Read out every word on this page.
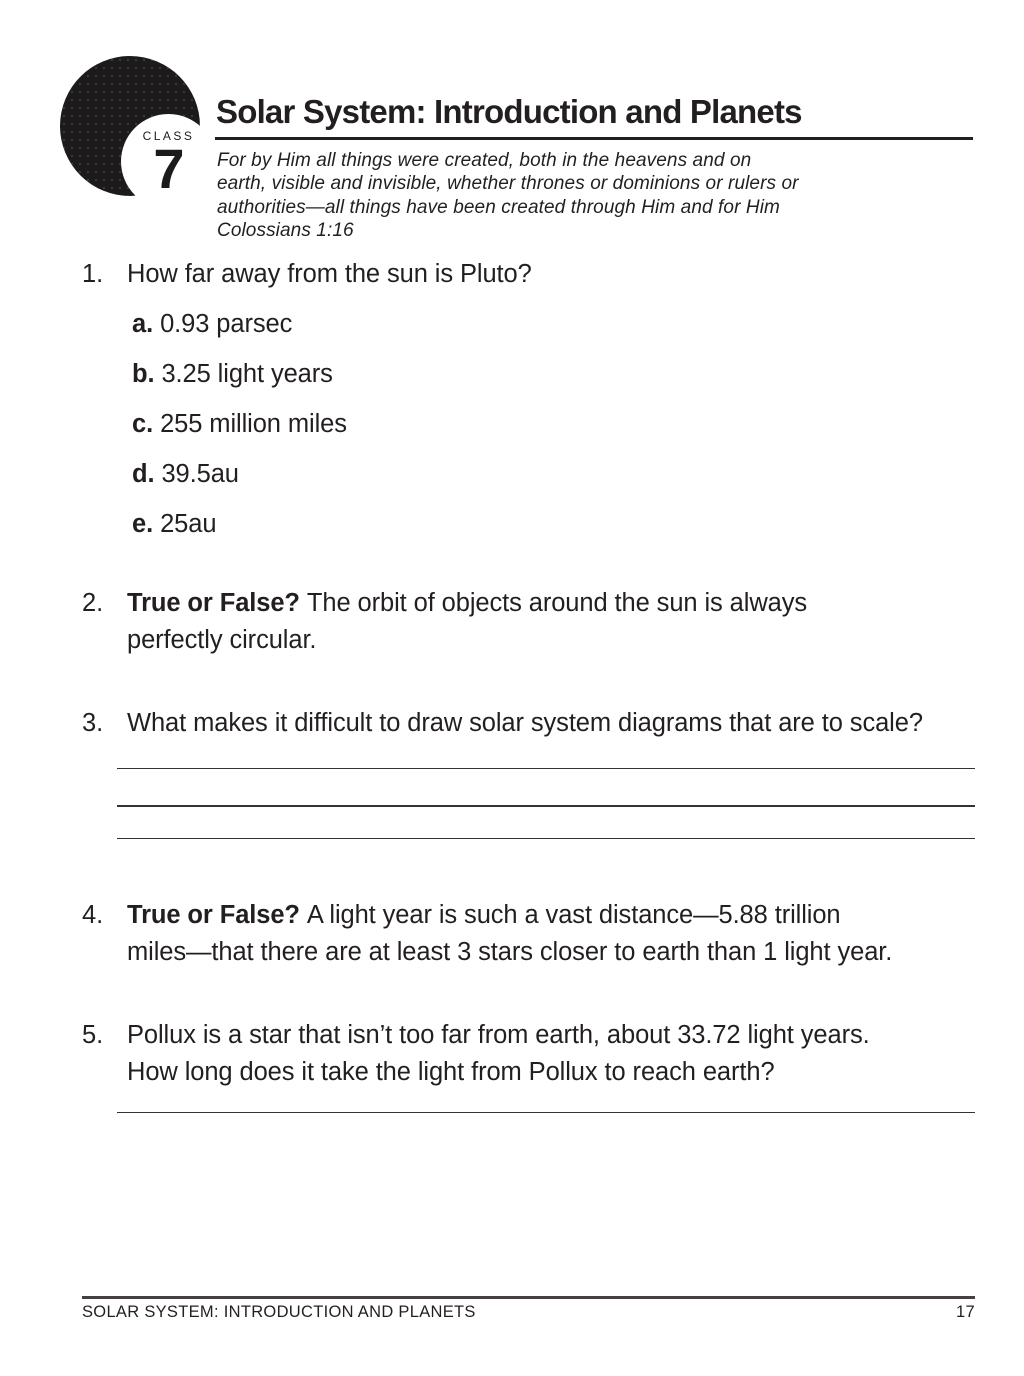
CLASS
7
Solar System: Introduction and Planets
For by Him all things were created, both in the heavens and on
earth, visible and invisible, whether thrones or dominions or rulers or
authorities—all things have been created through Him and for Him
Colossians 1:16
1. How far away from the sun is Pluto?
a. 0.93 parsec
b. 3.25 light years
c. 255 million miles
d. 39.5au
e. 25au
2. True or False? The orbit of objects around the sun is always
perfectly circular.
3. What makes it difficult to draw solar system diagrams that are to scale?
4. True or False? A light year is such a vast distance—5.88 trillion
miles—that there are at least 3 stars closer to earth than 1 light year.
5. Pollux is a star that isn’t too far from earth, about 33.72 light years.
How long does it take the light from Pollux to reach earth?
SOLAR SYSTEM: INTRODUCTION AND PLANETS	17
